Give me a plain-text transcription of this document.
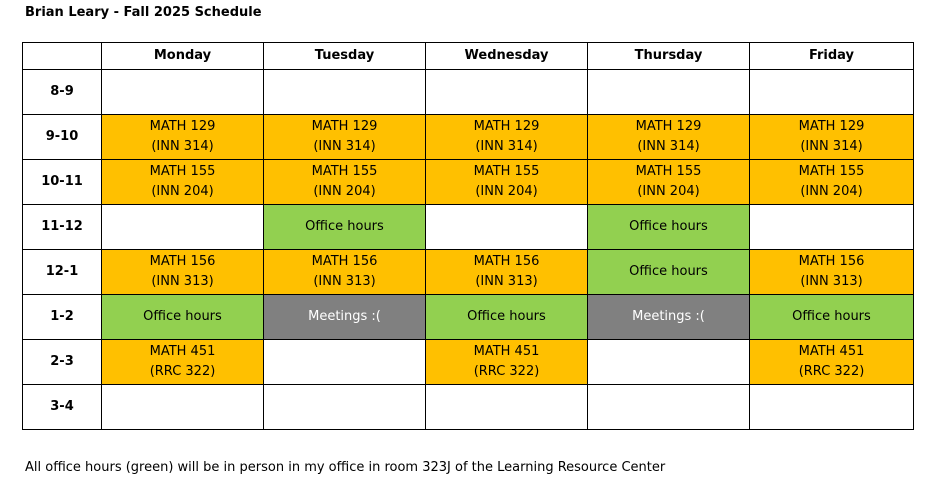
Brian Leary - Fall 2025 Schedule
	Monday	Tuesday	Wednesday	Thursday	Friday
8-9					
9-10	MATH 129
(INN 314)	MATH 129
(INN 314)	MATH 129
(INN 314)	MATH 129
(INN 314)	MATH 129
(INN 314)

10-11	MATH 155
(INN 204)	MATH 155
(INN 204)	MATH 155
(INN 204)	MATH 155
(INN 204)	MATH 155
(INN 204)

11-12		Office hours		Office hours	

12-1	MATH 156
(INN 313)	MATH 156
(INN 313)	MATH 156
(INN 313)	Office hours	MATH 156
(INN 313)

1-2	Office hours	Meetings :(	Office hours	Meetings :(	Office hours

2-3	MATH 451
(RRC 322)		MATH 451
(RRC 322)		MATH 451
(RRC 322)

3-4					
All office hours (green) will be in person in my office in room 323J of the Learning Resource Center
